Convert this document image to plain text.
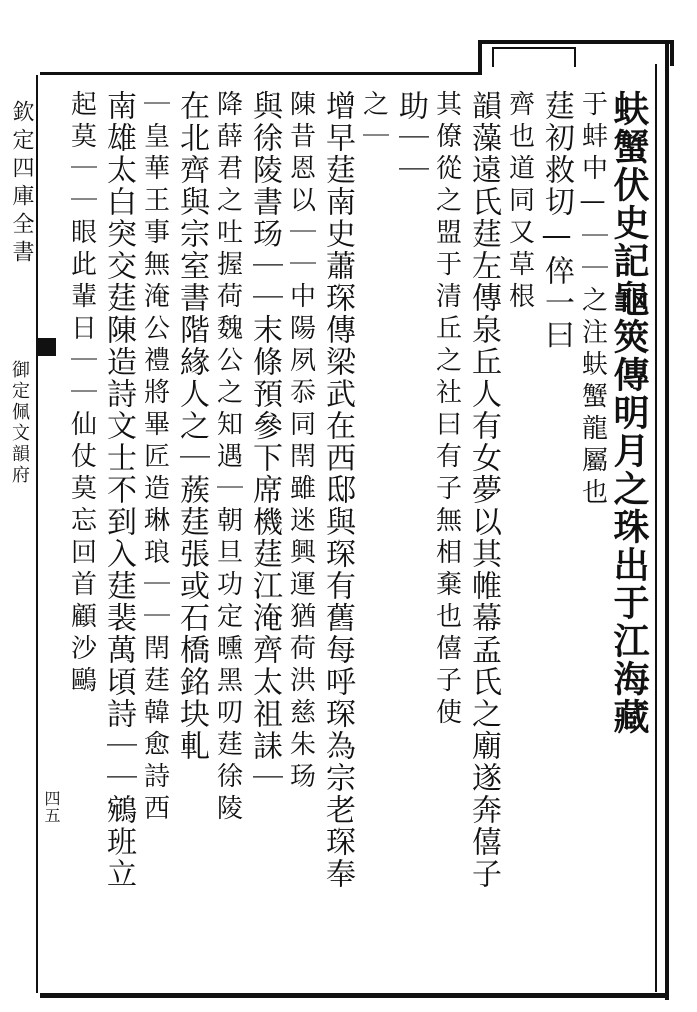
欽定四庫全書
御定佩文韻府
四五
蚨蟹伏史記龜筴傳明月之珠出于江海藏
于蚌中—｜｜之注蚨蟹龍屬也
莛初救切—倅一曰
齊也道同又草根
韻藻遠氏莛左傳泉丘人有女夢以其帷幕孟氏之廟遂奔僖子
其僚從之盟于清丘之社曰有子無相棄也僖子使
助｜｜
之｜
增早莛南史蕭琛傳梁武在西邸與琛有舊每呼琛為宗老琛奉
陳昔恩以｜｜中陽夙忝同閈雖迷興運猶荷洪慈朱玚
與徐陵書玚｜｜末條預參下席機莛江淹齊太祖誄｜
降薛君之吐握荷魏公之知遇｜朝旦功定曛黑叨莛徐陵
在北齊與宗室書階緣人之｜蔟莛張或石橋銘块軋
｜皇華王事無淹公禮將畢匠造琳琅｜｜閈莛韓愈詩西
南雄太白突交莛陳造詩文士不到入莛裴萬頃詩｜｜鵷班立
起莫｜｜眼此輩日｜｜仙仗莫忘回首顧沙鷗
